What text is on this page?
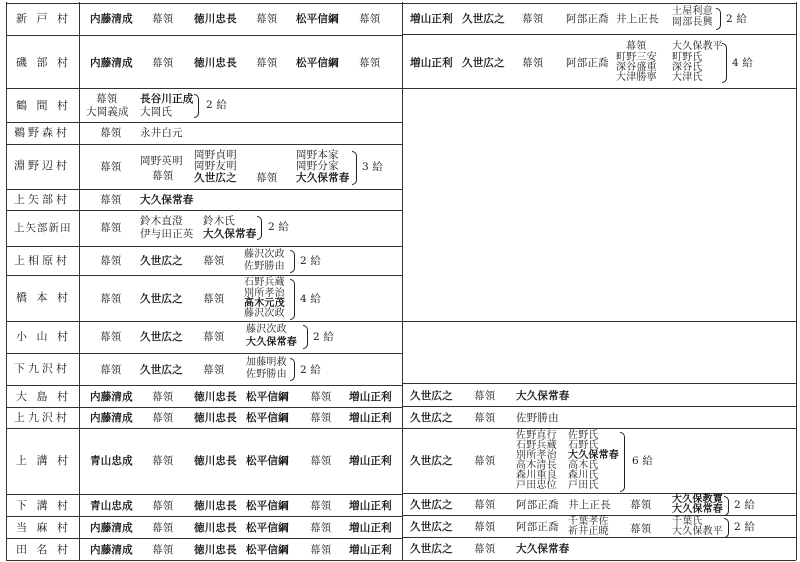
新 戸 村
磯 部 村
鶴 間 村
鵜野森村
淵野辺村
上矢部村
上矢部新田
上相原村
橋 本 村
小 山 村
下九沢村
大 島 村
上九沢村
上 溝 村
下 溝 村
当 麻 村
田 名 村
内藤清成 幕領 徳川忠長 幕領 松平信綱 幕領
内藤清成 幕領 徳川忠長 幕領 松平信綱 幕領
幕領
大岡義成
長谷川正成
大岡氏
2 給
幕領 永井白元
幕領 岡野英明
幕領
岡野貞明
岡野友明
久世広之 幕領
岡野本家
岡野分家
大久保常春
3 給
幕領 大久保常春
幕領
鈴木直澄
伊与田正英
鈴木氏
大久保常春
2 給
幕領 久世広之 幕領
藤沢次政
佐野勝由 2 給
幕領 久世広之 幕領
石野兵蔵
別所孝治
高木元茂
藤沢次政
4 給
幕領 久世広之 幕領
藤沢次政
大久保常春 2 給
幕領 久世広之 幕領
加藤明救
佐野勝由 2 給
内藤清成 幕領 徳川忠長 松平信綱 幕領 増山正利
内藤清成 幕領 徳川忠長 松平信綱 幕領 増山正利
青山忠成 幕領 徳川忠長 松平信綱 幕領 増山正利
青山忠成 幕領 徳川忠長 松平信綱 幕領 増山正利
内藤清成 幕領 徳川忠長 松平信綱 幕領 増山正利
内藤清成 幕領 徳川忠長 松平信綱 幕領 増山正利
増山正利 久世広之 幕領 阿部正喬 井上正長
土屋利意
岡部長興 2 給
増山正利 久世広之 幕領 阿部正喬
幕領
町野三安
深谷盛重
大津勝寧
大久保教平
町野氏
深谷氏
大津氏
4 給
久世広之 幕領 大久保常春
久世広之 幕領 佐野勝由
久世広之 幕領
佐野直行
石野兵蔵
別所孝治
高木清長
森川重良
戸田忠位
佐野氏
石野氏
大久保常春
高木氏
森川氏
戸田氏
6 給
久世広之 幕領 阿部正喬 井上正長 幕領 大久保教寛
大久保常春 2 給
久世広之 幕領 阿部正喬 千葉孝佐
祈井正暁 幕領
千葉氏
大久保教平 2 給
久世広之 幕領 大久保常春
